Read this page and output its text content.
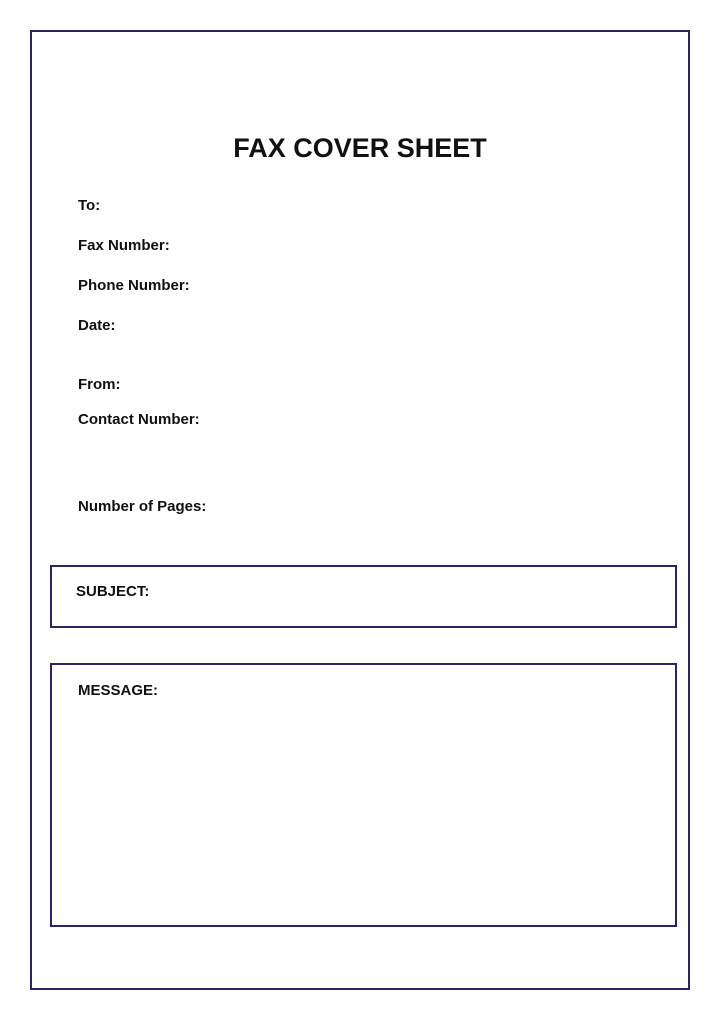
FAX COVER SHEET
To:
Fax Number:
Phone Number:
Date:
From:
Contact Number:
Number of Pages:
SUBJECT:
MESSAGE:
